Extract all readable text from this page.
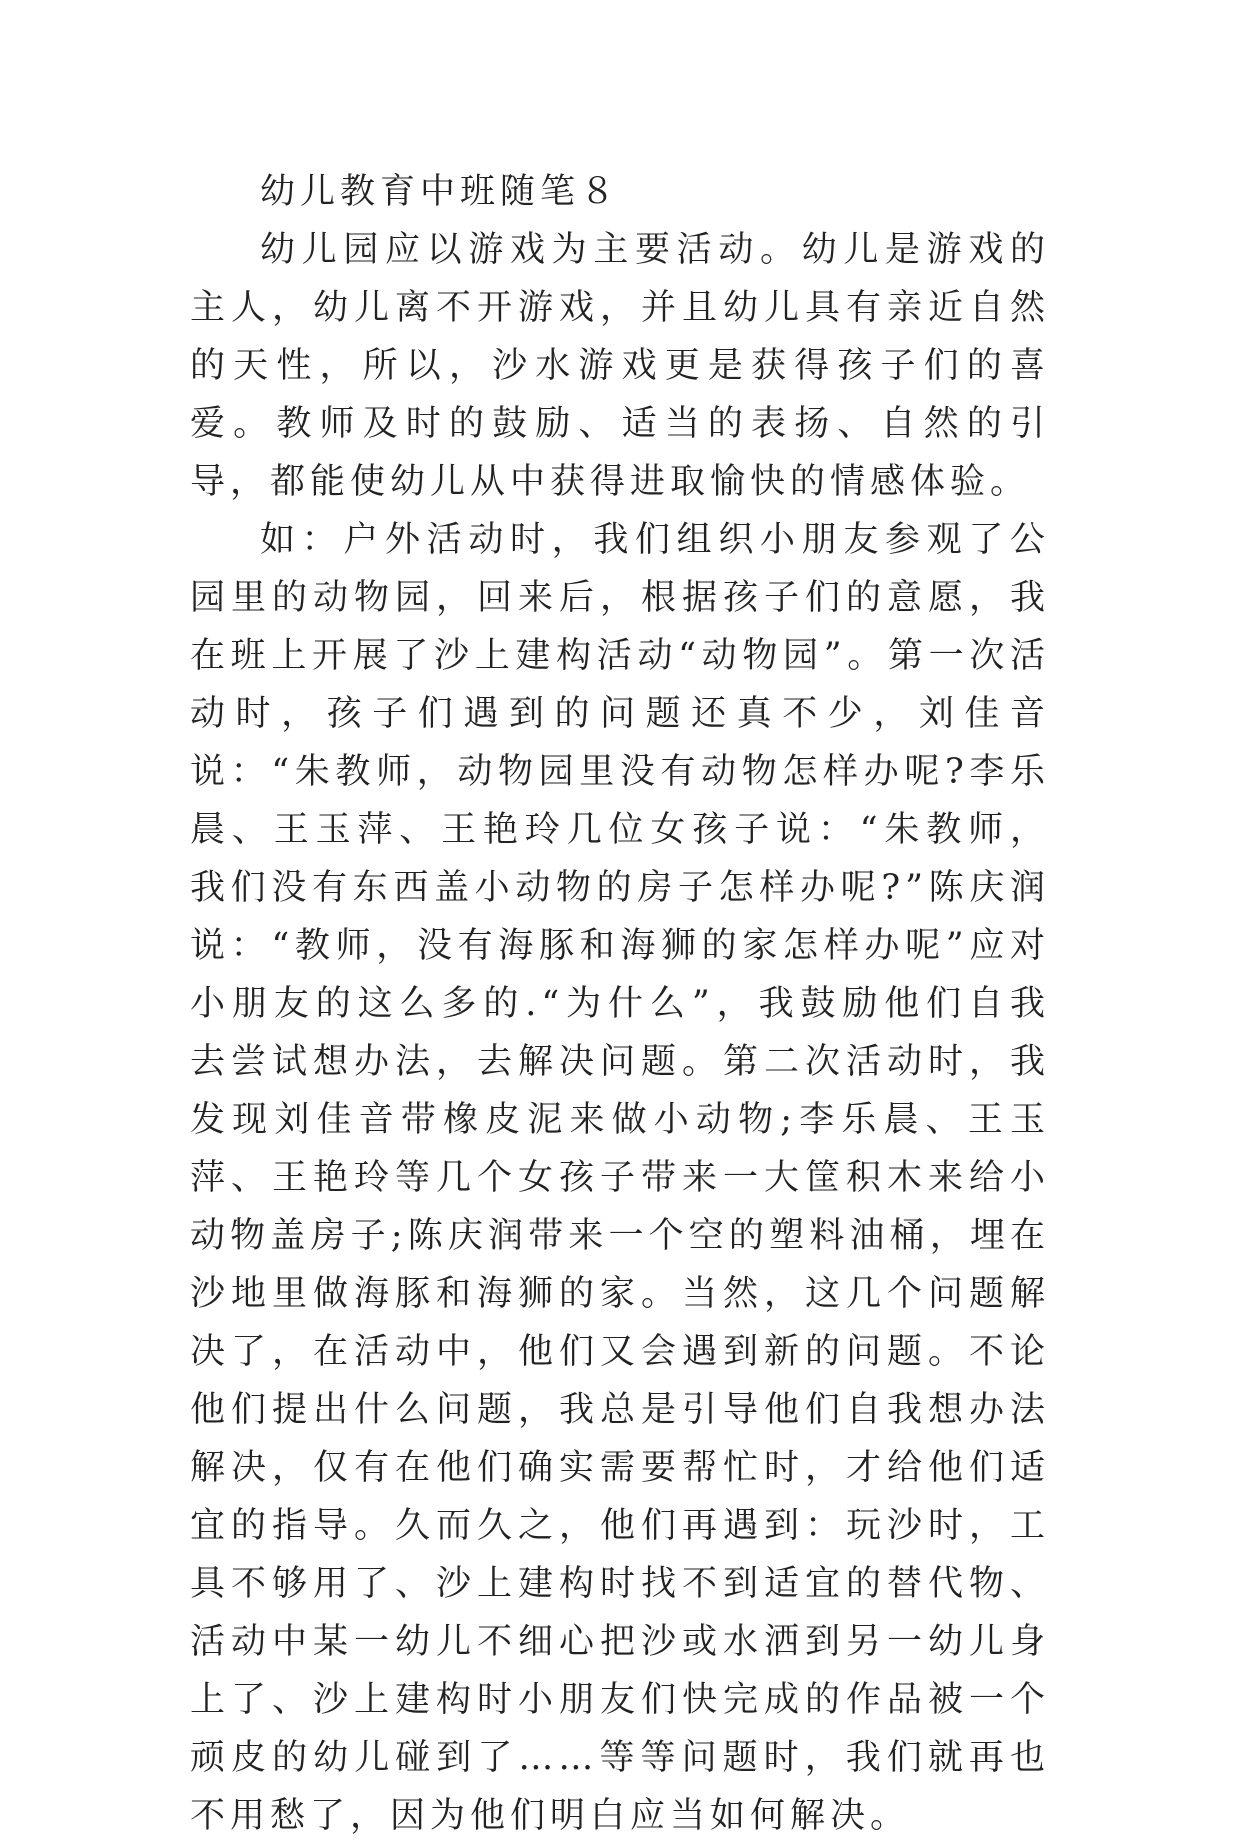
幼儿教育中班随笔８

幼儿园应以游戏为主要活动。幼儿是游戏的主人，幼儿离不开游戏，并且幼儿具有亲近自然的天性，所以，沙水游戏更是获得孩子们的喜爱。教师及时的鼓励、适当的表扬、自然的引导，都能使幼儿从中获得进取愉快的情感体验。

如：户外活动时，我们组织小朋友参观了公园里的动物园，回来后，根据孩子们的意愿，我在班上开展了沙上建构活动“动物园”。第一次活动时，孩子们遇到的问题还真不少，刘佳音说：“朱教师，动物园里没有动物怎样办呢?李乐晨、王玉萍、王艳玲几位女孩子说：“朱教师，我们没有东西盖小动物的房子怎样办呢?”陈庆润说：“教师，没有海豚和海狮的家怎样办呢”应对小朋友的这么多的.“为什么”，我鼓励他们自我去尝试想办法，去解决问题。第二次活动时，我发现刘佳音带橡皮泥来做小动物;李乐晨、王玉萍、王艳玲等几个女孩子带来一大筐积木来给小动物盖房子;陈庆润带来一个空的塑料油桶，埋在沙地里做海豚和海狮的家。当然，这几个问题解决了，在活动中，他们又会遇到新的问题。不论他们提出什么问题，我总是引导他们自我想办法解决，仅有在他们确实需要帮忙时，才给他们适宜的指导。久而久之，他们再遇到：玩沙时，工具不够用了、沙上建构时找不到适宜的替代物、活动中某一幼儿不细心把沙或水洒到另一幼儿身上了、沙上建构时小朋友们快完成的作品被一个顽皮的幼儿碰到了……等等问题时，我们就再也不用愁了，因为他们明白应当如何解决。
